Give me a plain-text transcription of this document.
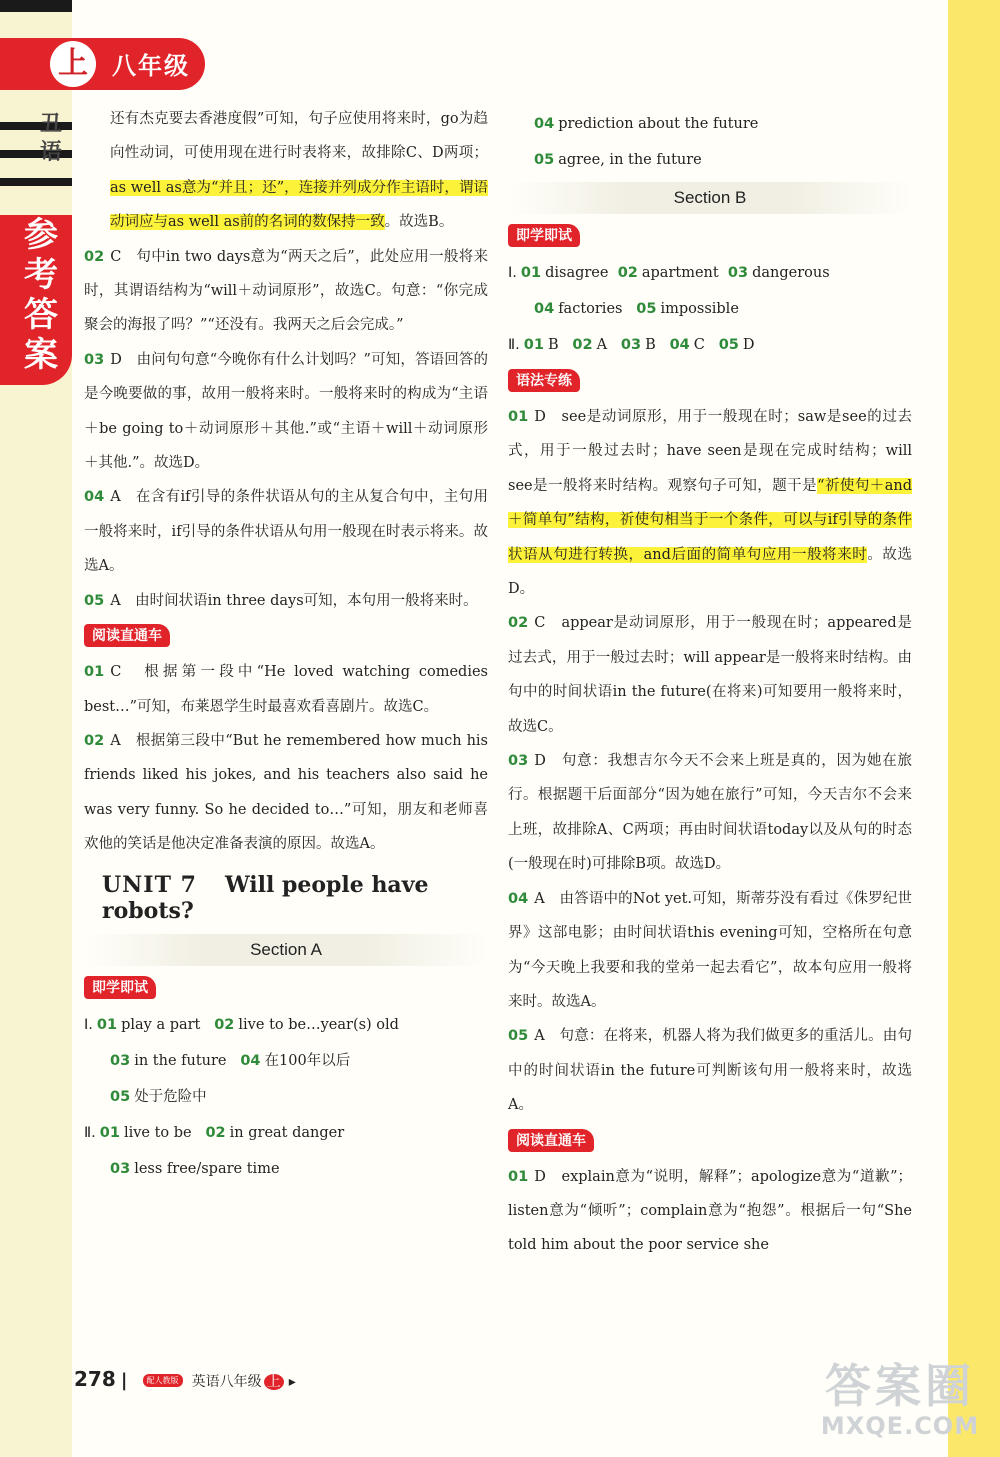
上	八年级
丑语
参
考
答
案

还有杰克要去香港度假”可知，句子应使用将来时，go为趋向性动词，可使用现在进行时表将来，故排除C、D两项；as well as意为“并且；还”，连接并列成分作主语时，谓语动词应与as well as前的名词的数保持一致。故选B。

02 C　句中in two days意为“两天之后”，此处应用一般将来时，其谓语结构为“will＋动词原形”，故选C。句意：“你完成聚会的海报了吗？”“还没有。我两天之后会完成。”

03 D　由问句句意“今晚你有什么计划吗？”可知，答语回答的是今晚要做的事，故用一般将来时。一般将来时的构成为“主语＋be going to＋动词原形＋其他.”或“主语＋will＋动词原形＋其他.”。故选D。

04 A　在含有if引导的条件状语从句的主从复合句中，主句用一般将来时，if引导的条件状语从句用一般现在时表示将来。故选A。

05 A　由时间状语in three days可知，本句用一般将来时。

阅读直通车

01 C　根据第一段中“He loved watching comedies best…”可知，布莱恩学生时最喜欢看喜剧片。故选C。

02 A　根据第三段中“But he remembered how much his friends liked his jokes, and his teachers also said he was very funny. So he decided to…”可知，朋友和老师喜欢他的笑话是他决定准备表演的原因。故选A。

UNIT 7 Will people have robots?
Section A
即学即试
Ⅰ. 01 play a part 02 live to be…year(s) old
03 in the future 04 在100年以后
05 处于危险中
Ⅱ. 01 live to be 02 in great danger
03 less free/spare time
04 prediction about the future
05 agree, in the future
Section B
即学即试
Ⅰ. 01 disagree 02 apartment 03 dangerous
04 factories 05 impossible
Ⅱ. 01 B 02 A 03 B 04 C 05 D
语法专练

01 D　see是动词原形，用于一般现在时；saw是see的过去式，用于一般过去时；have seen是现在完成时结构；will see是一般将来时结构。观察句子可知，题干是“祈使句＋and＋简单句”结构，祈使句相当于一个条件，可以与if引导的条件状语从句进行转换，and后面的简单句应用一般将来时。故选D。

02 C　appear是动词原形，用于一般现在时；appeared是过去式，用于一般过去时；will appear是一般将来时结构。由句中的时间状语in the future(在将来)可知要用一般将来时，故选C。

03 D　句意：我想吉尔今天不会来上班是真的，因为她在旅行。根据题干后面部分“因为她在旅行”可知，今天吉尔不会来上班，故排除A、C两项；再由时间状语today以及从句的时态(一般现在时)可排除B项。故选D。

04 A　由答语中的Not yet.可知，斯蒂芬没有看过《侏罗纪世界》这部电影；由时间状语this evening可知，空格所在句意为“今天晚上我要和我的堂弟一起去看它”，故本句应用一般将来时。故选A。

05 A　句意：在将来，机器人将为我们做更多的重活儿。由句中的时间状语in the future可判断该句用一般将来时，故选A。

阅读直通车

01 D　explain意为“说明，解释”；apologize意为“道歉”；listen意为“倾听”；complain意为“抱怨”。根据后一句“She told him about the poor service she

278 | 配人教版 英语八年级 上 ▸	答案圈
MXQE.COM
